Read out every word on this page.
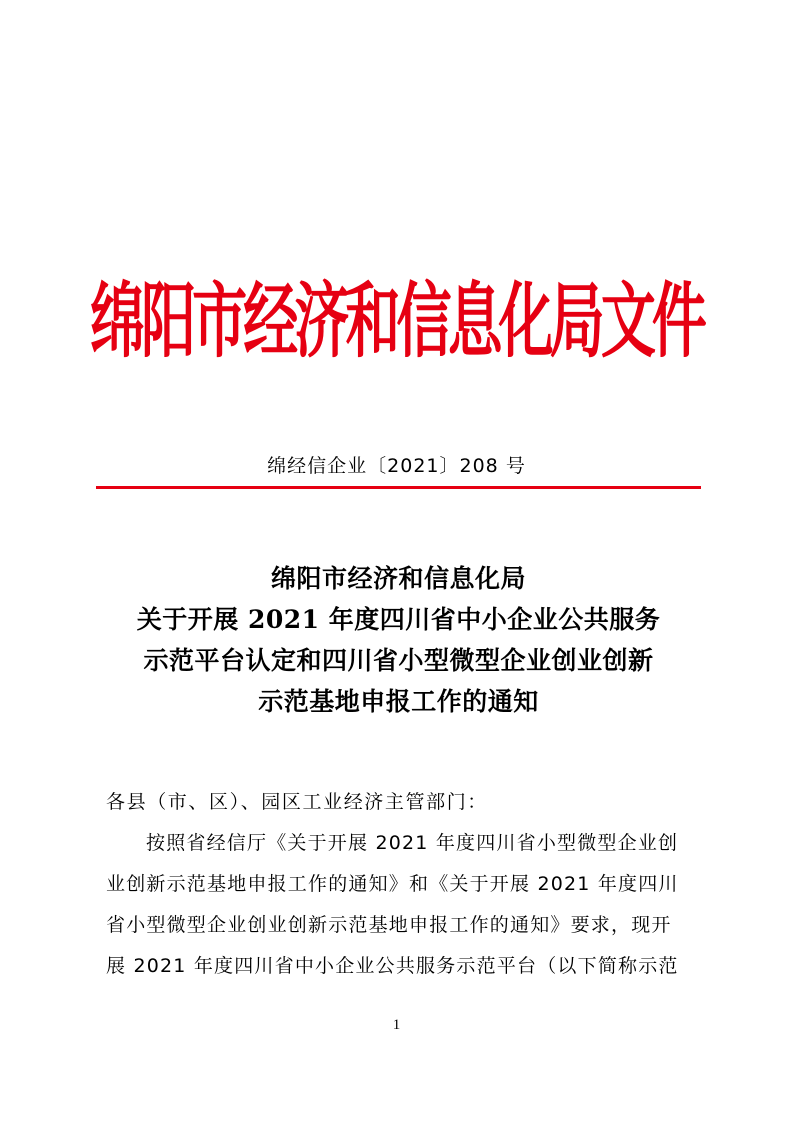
绵阳市经济和信息化局文件
绵经信企业〔2021〕208 号
绵阳市经济和信息化局
关于开展 2021 年度四川省中小企业公共服务
示范平台认定和四川省小型微型企业创业创新
示范基地申报工作的通知
各县（市、区）、园区工业经济主管部门：
按照省经信厅《关于开展 2021 年度四川省小型微型企业创
业创新示范基地申报工作的通知》和《关于开展 2021 年度四川
省小型微型企业创业创新示范基地申报工作的通知》要求，现开
展 2021 年度四川省中小企业公共服务示范平台（以下简称示范
1
